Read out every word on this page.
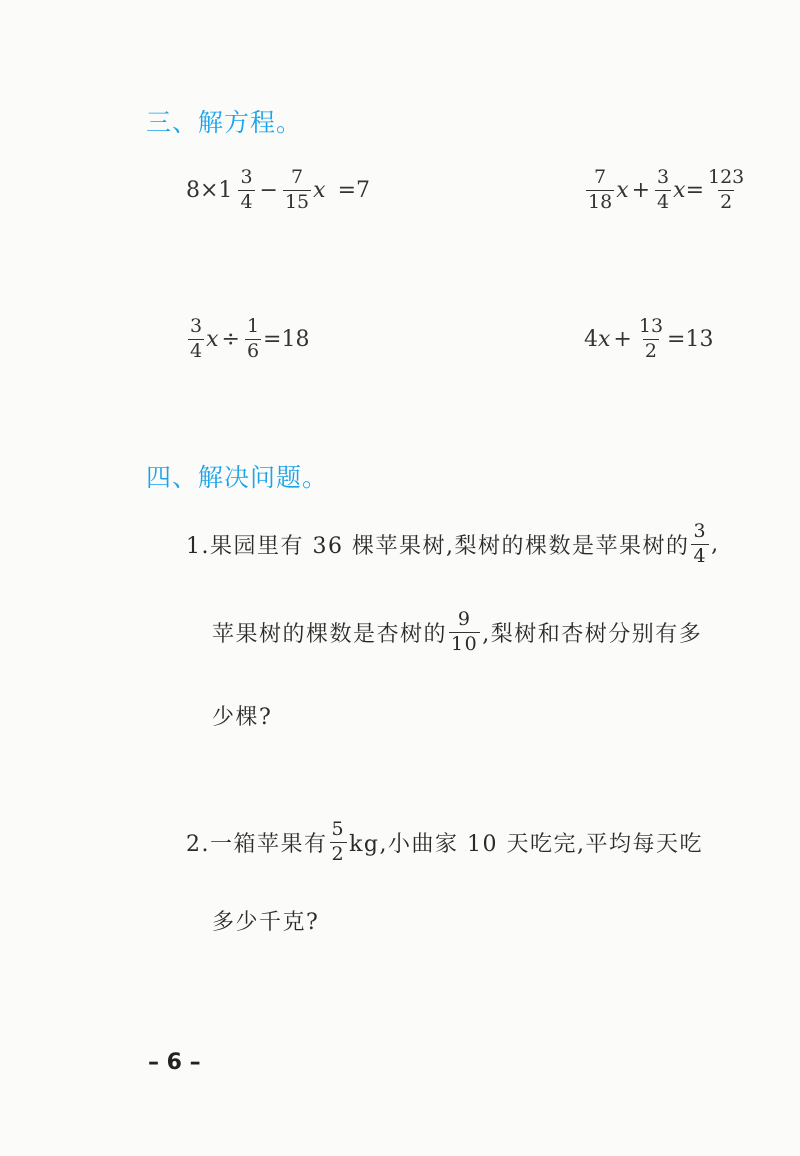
三、解方程。
$8\times 1 \frac{3}{4} - \frac{7}{15}$ x =7	$\frac{7}{18}$ $x + \frac{3}{4}$ $x = \frac{123}{2}$
$\frac{3}{4}$ $x \div \frac{1}{6} =18$	4 $x + \frac{13}{2} =13$
四、解决问题。
1.果园里有 36 棵苹果树,梨树的棵数是苹果树的 $\frac{3}{4}$ ,
苹果树的棵数是杏树的 $\frac{9}{10}$ ,梨树和杏树分别有多
少棵?
2.一箱苹果有 $\frac{5}{2}$ kg,小曲家 10 天吃完,平均每天吃
多少千克?
– 6 –
